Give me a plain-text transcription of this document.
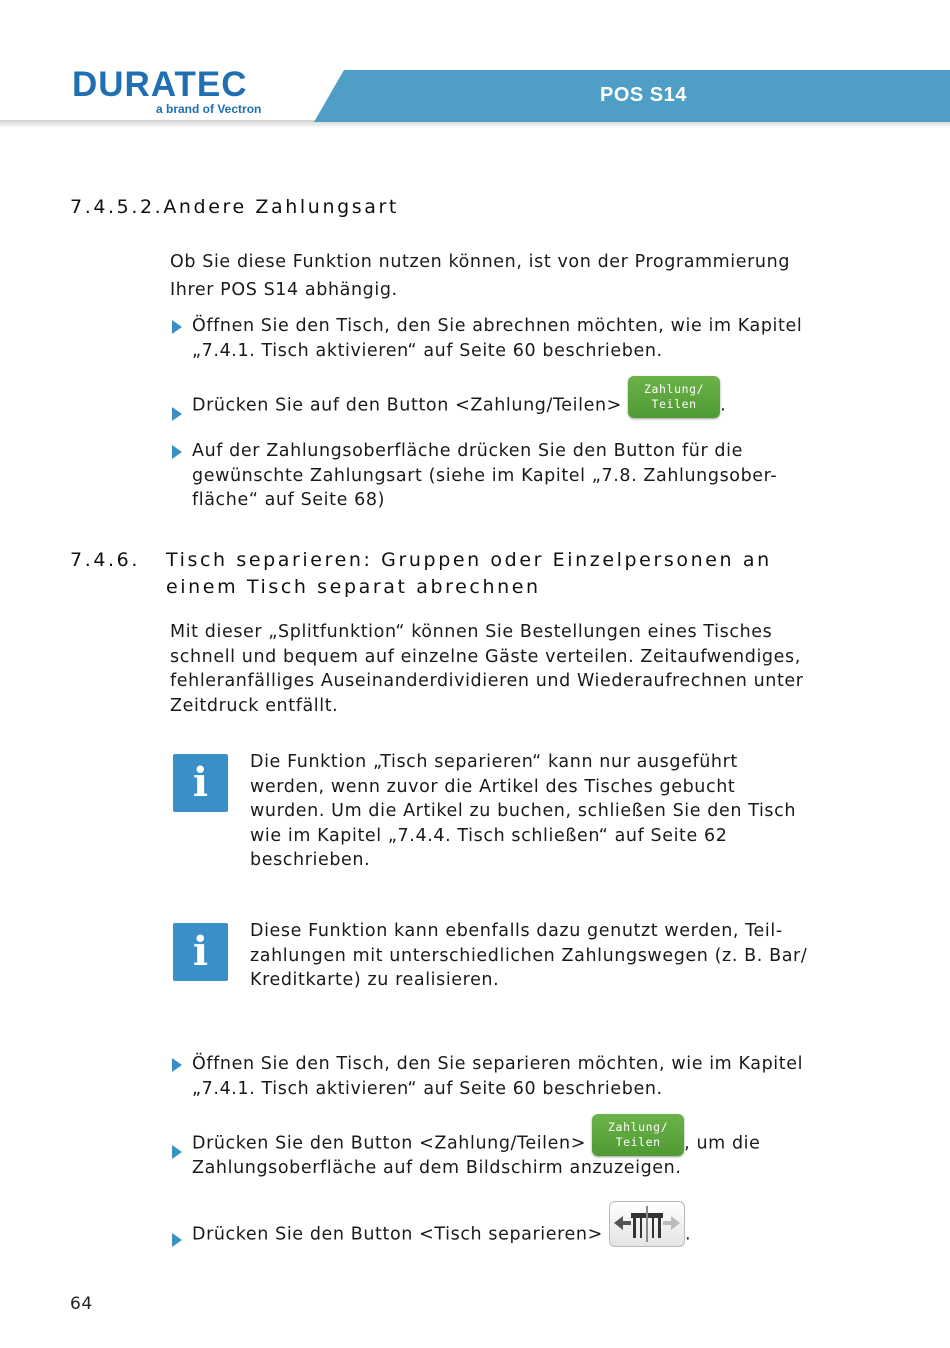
POS S14
DURATEC
a brand of Vectron
7.4.5.2.Andere Zahlungsart
Ob Sie diese Funktion nutzen können, ist von der Programmierung
Ihrer POS S14 abhängig.
Öffnen Sie den Tisch, den Sie abrechnen möchten, wie im Kapitel
„7.4.1. Tisch aktivieren“ auf Seite 60 beschrieben.
Drücken Sie auf den Button <Zahlung/Teilen> Zahlung/
Teilen .
Auf der Zahlungsoberfläche drücken Sie den Button für die
gewünschte Zahlungsart (siehe im Kapitel „7.8. Zahlungsober-
fläche“ auf Seite 68)
7.4.6. Tisch separieren: Gruppen oder Einzelpersonen an
einem Tisch separat abrechnen
Mit dieser „Splitfunktion“ können Sie Bestellungen eines Tisches
schnell und bequem auf einzelne Gäste verteilen. Zeitaufwendiges,
fehleranfälliges Auseinanderdividieren und Wiederaufrechnen unter
Zeitdruck entfällt.
i	Die Funktion „Tisch separieren“ kann nur ausgeführt
werden, wenn zuvor die Artikel des Tisches gebucht
wurden. Um die Artikel zu buchen, schließen Sie den Tisch
wie im Kapitel „7.4.4. Tisch schließen“ auf Seite 62
beschrieben.
i	Diese Funktion kann ebenfalls dazu genutzt werden, Teil-
zahlungen mit unterschiedlichen Zahlungswegen (z. B. Bar/
Kreditkarte) zu realisieren.
Öffnen Sie den Tisch, den Sie separieren möchten, wie im Kapitel
„7.4.1. Tisch aktivieren“ auf Seite 60 beschrieben.
Drücken Sie den Button <Zahlung/Teilen> Zahlung/
Teilen , um die
Zahlungsoberfläche auf dem Bildschirm anzuzeigen.
Drücken Sie den Button <Tisch separieren>	.
64
